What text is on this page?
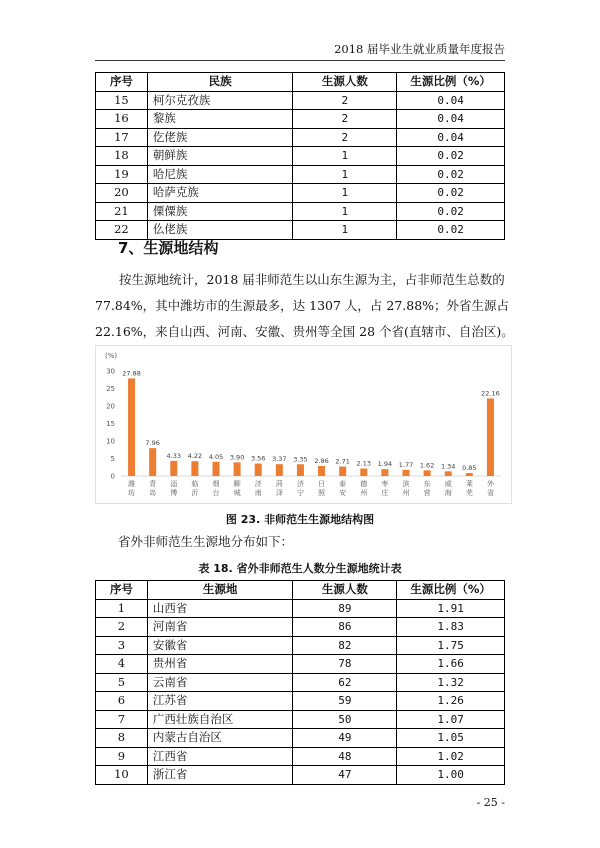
2018 届毕业生就业质量年度报告
序号	民族	生源人数	生源比例（%）
15	柯尔克孜族	2	0.04
16	黎族	2	0.04
17	仡佬族	2	0.04
18	朝鲜族	1	0.02
19	哈尼族	1	0.02
20	哈萨克族	1	0.02
21	傈僳族	1	0.02
22	仫佬族	1	0.02
7、生源地结构

按生源地统计，2018 届非师范生以山东生源为主，占非师范生总数的 77.84%，其中潍坊市的生源最多，达 1307 人，占 27.88%；外省生源占 22.16%，来自山西、河南、安徽、贵州等全国 28 个省(直辖市、自治区)。

(%)
0
5
10
15
20
25
30 27.88
潍
坊
7.96
青
岛
4.33
淄
博
4.22
临
沂
4.05
烟
台
3.90
聊
城
3.56
济
南
3.37
菏
泽
3.35
济
宁
2.86
日
照
2.71
泰
安
2.13
德
州
1.94
枣
庄
1.77
滨
州
1.62
东
营
1.34
威
海
0.85
莱
芜
22.16
外
省
图 23. 非师范生生源地结构图
省外非师范生生源地分布如下：
表 18. 省外非师范生人数分生源地统计表
序号	生源地	生源人数	生源比例（%）
1	山西省	89	1.91
2	河南省	86	1.83
3	安徽省	82	1.75
4	贵州省	78	1.66
5	云南省	62	1.32
6	江苏省	59	1.26
7	广西壮族自治区	50	1.07
8	内蒙古自治区	49	1.05
9	江西省	48	1.02
10	浙江省	47	1.00
- 25 -
